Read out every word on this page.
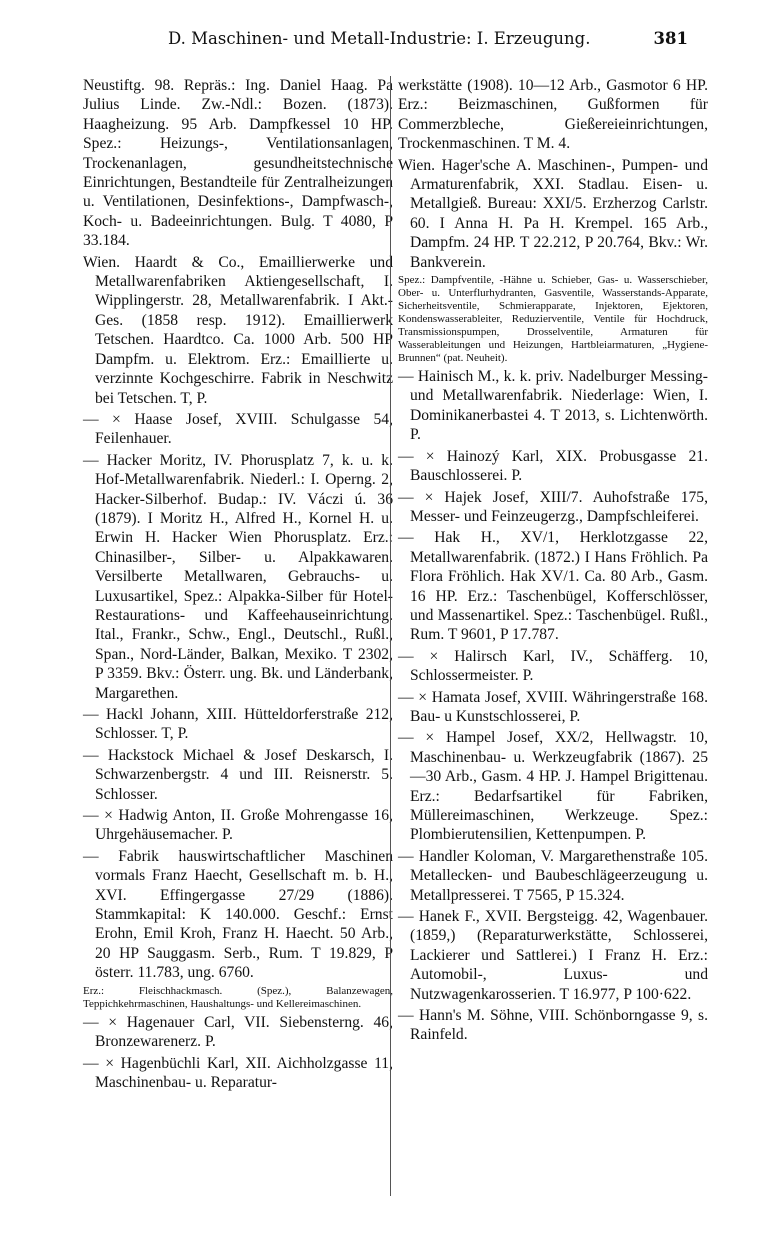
D. Maschinen- und Metall-Industrie: I. Erzeugung.	381

Neustiftg. 98. Repräs.: Ing. Daniel Haag. Pa Julius Linde. Zw.-Ndl.: Bozen. (1873). Haagheizung. 95 Arb. Dampfkessel 10 HP. Spez.: Heizungs-, Ventilationsanlagen, Trockenanlagen, gesundheitstechnische Einrichtungen, Bestandteile für Zentralheizungen u. Ventilationen, Desinfektions-, Dampfwasch-, Koch- u. Badeeinrichtungen. Bulg. T 4080, P 33.184.

Wien. Haardt & Co., Emaillierwerke und Metallwarenfabriken Aktiengesellschaft, I. Wipplingerstr. 28, Metallwarenfabrik. I Akt.-Ges. (1858 resp. 1912). Emaillierwerk Tetschen. Haardtco. Ca. 1000 Arb. 500 HP Dampfm. u. Elektrom. Erz.: Emaillierte u. verzinnte Kochgeschirre. Fabrik in Neschwitz bei Tetschen. T, P.

— × Haase Josef, XVIII. Schulgasse 54, Feilenhauer.

— Hacker Moritz, IV. Phorusplatz 7, k. u. k. Hof-Metallwarenfabrik. Niederl.: I. Operng. 2, Hacker-Silberhof. Budap.: IV. Váczi ú. 36 (1879). I Moritz H., Alfred H., Kornel H. u. Erwin H. Hacker Wien Phorusplatz. Erz.: Chinasilber-, Silber- u. Alpakkawaren. Versilberte Metallwaren, Gebrauchs- u. Luxusartikel, Spez.: Alpakka-Silber für Hotel- Restaurations- und Kaffeehauseinrichtung. Ital., Frankr., Schw., Engl., Deutschl., Rußl., Span., Nord-Länder, Balkan, Mexiko. T 2302, P 3359. Bkv.: Österr. ung. Bk. und Länderbank, Margarethen.

— Hackl Johann, XIII. Hütteldorferstraße 212, Schlosser. T, P.

— Hackstock Michael & Josef Deskarsch, I. Schwarzenbergstr. 4 und III. Reisnerstr. 5. Schlosser.

— × Hadwig Anton, II. Große Mohrengasse 16, Uhrgehäusemacher. P.

— Fabrik hauswirtschaftlicher Maschinen vormals Franz Haecht, Gesellschaft m. b. H., XVI. Effingergasse 27/29 (1886). Stammkapital: K 140.000. Geschf.: Ernst Erohn, Emil Kroh, Franz H. Haecht. 50 Arb., 20 HP Sauggasm. Serb., Rum. T 19.829, P österr. 11.783, ung. 6760.

Erz.: Fleischhackmasch. (Spez.), Balanzewagen, Teppichkehrmaschinen, Haushaltungs- und Kellereimaschinen.

— × Hagenauer Carl, VII. Siebensterng. 46, Bronzewarenerz. P.

— × Hagenbüchli Karl, XII. Aichholzgasse 11, Maschinenbau- u. Reparatur-

werkstätte (1908). 10—12 Arb., Gasmotor 6 HP. Erz.: Beizmaschinen, Gußformen für Commerzbleche, Gießereieinrichtungen, Trockenmaschinen. T M. 4.

Wien. Hager'sche A. Maschinen-, Pumpen- und Armaturenfabrik, XXI. Stadlau. Eisen- u. Metallgieß. Bureau: XXI/5. Erzherzog Carlstr. 60. I Anna H. Pa H. Krempel. 165 Arb., Dampfm. 24 HP. T 22.212, P 20.764, Bkv.: Wr. Bankverein.

Spez.: Dampfventile, -Hähne u. Schieber, Gas- u. Wasserschieber, Ober- u. Unterflurhydranten, Gasventile, Wasserstands-Apparate, Sicherheitsventile, Schmierapparate, Injektoren, Ejektoren, Kondenswasserableiter, Reduzierventile, Ventile für Hochdruck, Transmissionspumpen, Drosselventile, Armaturen für Wasserableitungen und Heizungen, Hartbleiarmaturen, „Hygiene-Brunnen“ (pat. Neuheit).

— Hainisch M., k. k. priv. Nadelburger Messing- und Metallwarenfabrik. Niederlage: Wien, I. Dominikanerbastei 4. T 2013, s. Lichtenwörth. P.

— × Hainozý Karl, XIX. Probusgasse 21. Bauschlosserei. P.

— × Hajek Josef, XIII/7. Auhofstraße 175, Messer- und Feinzeugerzg., Dampfschleiferei.

— Hak H., XV/1, Herklotzgasse 22, Metallwarenfabrik. (1872.) I Hans Fröhlich. Pa Flora Fröhlich. Hak XV/1. Ca. 80 Arb., Gasm. 16 HP. Erz.: Taschenbügel, Kofferschlösser, und Massenartikel. Spez.: Taschenbügel. Rußl., Rum. T 9601, P 17.787.

— × Halirsch Karl, IV., Schäfferg. 10, Schlossermeister. P.

— × Hamata Josef, XVIII. Währingerstraße 168. Bau- u Kunstschlosserei, P.

— × Hampel Josef, XX/2, Hellwagstr. 10, Maschinenbau- u. Werkzeugfabrik (1867). 25—30 Arb., Gasm. 4 HP. J. Hampel Brigittenau. Erz.: Bedarfsartikel für Fabriken, Müllereimaschinen, Werkzeuge. Spez.: Plombierutensilien, Kettenpumpen. P.

— Handler Koloman, V. Margarethenstraße 105. Metallecken- und Baubeschlägeerzeugung u. Metallpresserei. T 7565, P 15.324.

— Hanek F., XVII. Bergsteigg. 42, Wagenbauer. (1859,) (Reparaturwerkstätte, Schlosserei, Lackierer und Sattlerei.) I Franz H. Erz.: Automobil-, Luxus- und Nutzwagenkarosserien. T 16.977, P 100·622.

— Hann's M. Söhne, VIII. Schönborngasse 9, s. Rainfeld.
